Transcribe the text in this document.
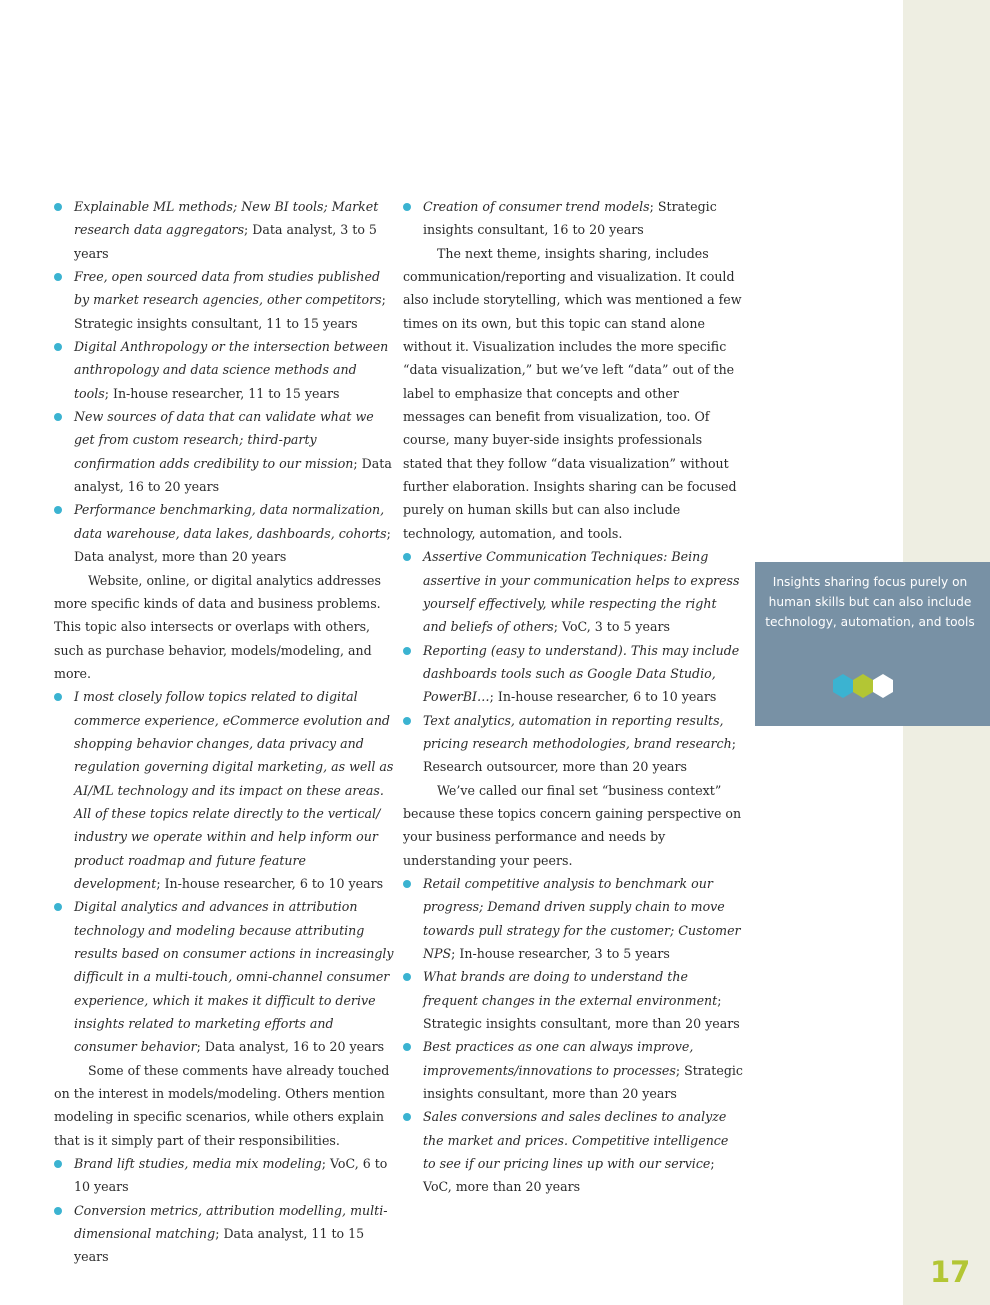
Explainable ML methods; New BI tools; Market research data aggregators; Data analyst, 3 to 5 years
Free, open sourced data from studies published by market research agencies, other competitors; Strategic insights consultant, 11 to 15 years
Digital Anthropology or the intersection between anthropology and data science methods and tools; In-house researcher, 11 to 15 years
New sources of data that can validate what we get from custom research; third-party confirmation adds credibility to our mission; Data analyst, 16 to 20 years
Performance benchmarking, data normalization, data warehouse, data lakes, dashboards, cohorts; Data analyst, more than 20 years
Website, online, or digital analytics addresses more specific kinds of data and business problems. This topic also intersects or overlaps with others, such as purchase behavior, models/modeling, and more.
I most closely follow topics related to digital commerce experience, eCommerce evolution and shopping behavior changes, data privacy and regulation governing digital marketing, as well as AI/ML technology and its impact on these areas. All of these topics relate directly to the vertical/ industry we operate within and help inform our product roadmap and future feature development; In-house researcher, 6 to 10 years
Digital analytics and advances in attribution technology and modeling because attributing results based on consumer actions in increasingly difficult in a multi-touch, omni-channel consumer experience, which it makes it difficult to derive insights related to marketing efforts and consumer behavior; Data analyst, 16 to 20 years
Some of these comments have already touched on the interest in models/modeling. Others mention modeling in specific scenarios, while others explain that is it simply part of their responsibilities.
Brand lift studies, media mix modeling; VoC, 6 to 10 years
Conversion metrics, attribution modelling, multi-dimensional matching; Data analyst, 11 to 15 years
Creation of consumer trend models; Strategic insights consultant, 16 to 20 years
The next theme, insights sharing, includes communication/reporting and visualization. It could also include storytelling, which was mentioned a few times on its own, but this topic can stand alone without it. Visualization includes the more specific “data visualization,” but we’ve left “data” out of the label to emphasize that concepts and other messages can benefit from visualization, too. Of course, many buyer-side insights professionals stated that they follow “data visualization” without further elaboration. Insights sharing can be focused purely on human skills but can also include technology, automation, and tools.
Assertive Communication Techniques: Being assertive in your communication helps to express yourself effectively, while respecting the right and beliefs of others; VoC, 3 to 5 years
Reporting (easy to understand). This may include dashboards tools such as Google Data Studio, PowerBI…; In-house researcher, 6 to 10 years
Text analytics, automation in reporting results, pricing research methodologies, brand research; Research outsourcer, more than 20 years
We’ve called our final set “business context” because these topics concern gaining perspective on your business performance and needs by understanding your peers.
Retail competitive analysis to benchmark our progress; Demand driven supply chain to move towards pull strategy for the customer; Customer NPS; In-house researcher, 3 to 5 years
What brands are doing to understand the frequent changes in the external environment; Strategic insights consultant, more than 20 years
Best practices as one can always improve, improvements/innovations to processes; Strategic insights consultant, more than 20 years
Sales conversions and sales declines to analyze the market and prices. Competitive intelligence to see if our pricing lines up with our service; VoC, more than 20 years
Insights sharing focus purely on human skills but can also include technology, automation, and tools
17
